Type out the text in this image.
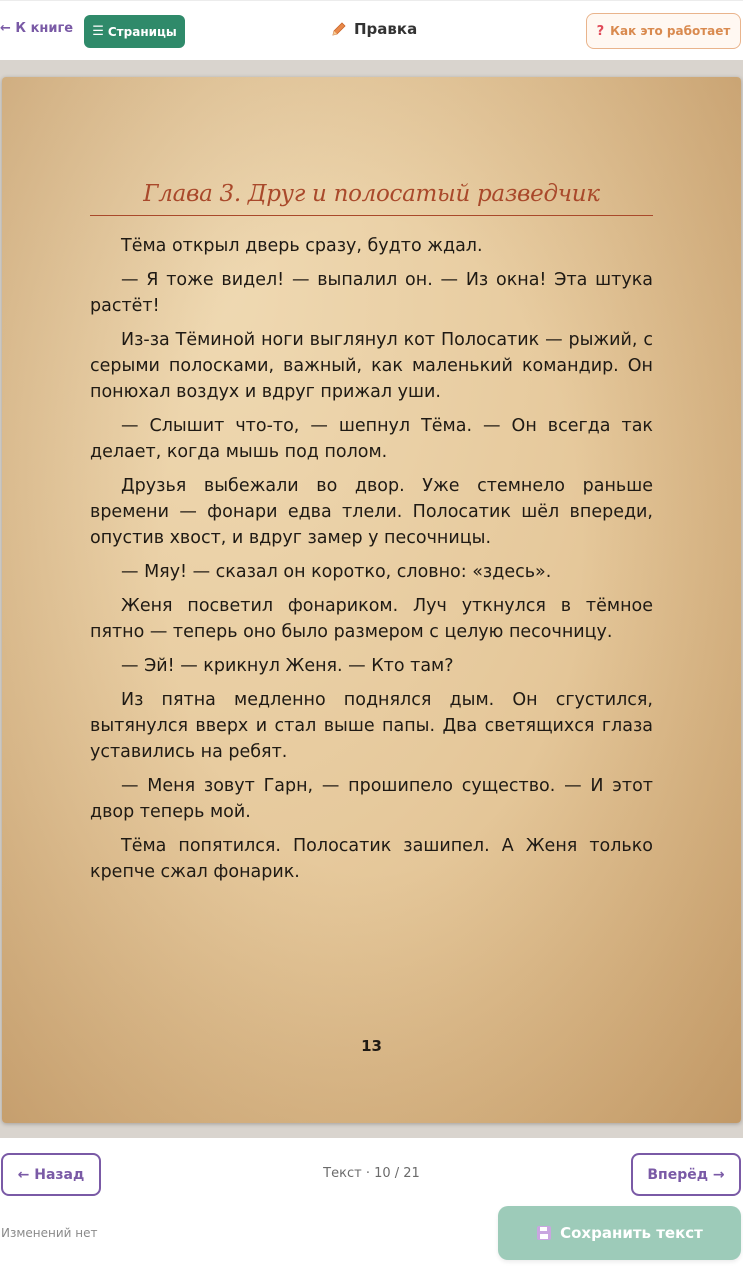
← К книге ☰ Страницы	Правка	? Как это работает
Глава 3. Друг и полосатый разведчик

Тёма открыл дверь сразу, будто ждал.

— Я тоже видел! — выпалил он. — Из окна! Эта штука растёт!

Из-за Тёминой ноги выглянул кот Полосатик — рыжий, с серыми полосками, важный, как маленький командир. Он понюхал воздух и вдруг прижал уши.

— Слышит что-то, — шепнул Тёма. — Он всегда так делает, когда мышь под полом.

Друзья выбежали во двор. Уже стемнело раньше времени — фонари едва тлели. Полосатик шёл впереди, опустив хвост, и вдруг замер у песочницы.

— Мяу! — сказал он коротко, словно: «здесь».

Женя посветил фонариком. Луч уткнулся в тёмное пятно — теперь оно было размером с целую песочницу.

— Эй! — крикнул Женя. — Кто там?

Из пятна медленно поднялся дым. Он сгустился, вытянулся вверх и стал выше папы. Два светящихся глаза уставились на ребят.

— Меня зовут Гарн, — прошипело существо. — И этот двор теперь мой.

Тёма попятился. Полосатик зашипел. А Женя только крепче сжал фонарик.

13
← Назад	Текст · 10 / 21	Вперёд →
Изменений нет	Сохранить текст
